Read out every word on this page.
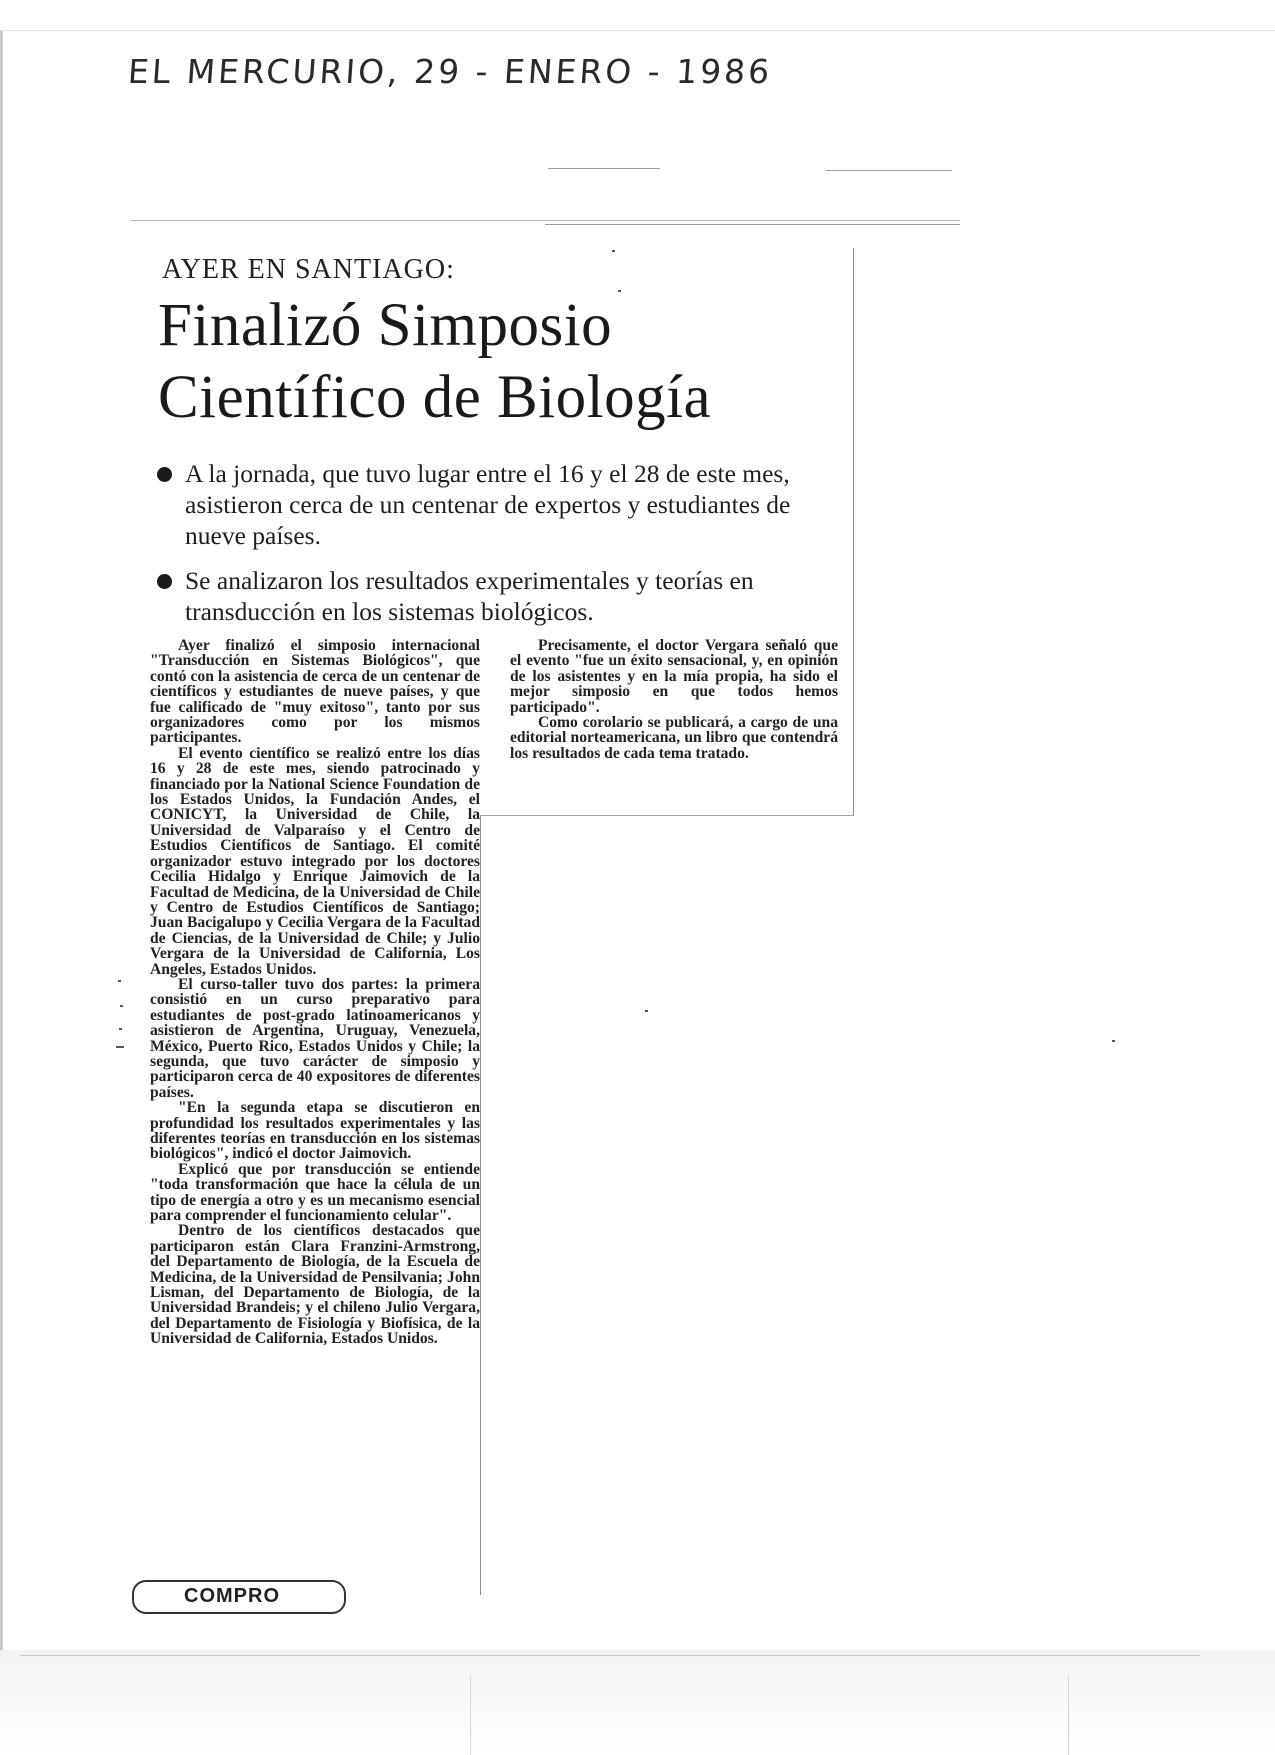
EL MERCURIO, 29 - ENERO - 1986
AYER EN SANTIAGO:
Finalizó Simposio
Científico de Biología
A la jornada, que tuvo lugar entre el 16 y el 28 de este mes, asistieron cerca de un centenar de expertos y estudiantes de nueve países.
Se analizaron los resultados experimentales y teorías en transducción en los sistemas biológicos.

Ayer finalizó el simposio internacional "Transducción en Sistemas Biológicos", que contó con la asistencia de cerca de un centenar de científicos y estudiantes de nueve países, y que fue calificado de "muy exitoso", tanto por sus organizadores como por los mismos participantes.

El evento científico se realizó entre los días 16 y 28 de este mes, siendo patrocinado y financiado por la National Science Foundation de los Estados Unidos, la Fundación Andes, el CONICYT, la Universidad de Chile, la Universidad de Valparaíso y el Centro de Estudios Científicos de Santiago. El comité organizador estuvo integrado por los doctores Cecilia Hidalgo y Enrique Jaimovich de la Facultad de Medicina, de la Universidad de Chile y Centro de Estudios Científicos de Santiago; Juan Bacigalupo y Cecilia Vergara de la Facultad de Ciencias, de la Universidad de Chile; y Julio Vergara de la Universidad de California, Los Angeles, Estados Unidos.

El curso-taller tuvo dos partes: la primera consistió en un curso preparativo para estudiantes de post-grado latinoamericanos y asistieron de Argentina, Uruguay, Venezuela, México, Puerto Rico, Estados Unidos y Chile; la segunda, que tuvo carácter de simposio y participaron cerca de 40 expositores de diferentes países.

"En la segunda etapa se discutieron en profundidad los resultados experimentales y las diferentes teorías en transducción en los sistemas biológicos", indicó el doctor Jaimovich.

Explicó que por transducción se entiende "toda transformación que hace la célula de un tipo de energía a otro y es un mecanismo esencial para comprender el funcionamiento celular".

Dentro de los científicos destacados que participaron están Clara Franzini-Armstrong, del Departamento de Biología, de la Escuela de Medicina, de la Universidad de Pensilvania; John Lisman, del Departamento de Biología, de la Universidad Brandeis; y el chileno Julio Vergara, del Departamento de Fisiología y Biofísica, de la Universidad de California, Estados Unidos.

Precisamente, el doctor Vergara señaló que el evento "fue un éxito sensacional, y, en opinión de los asistentes y en la mía propia, ha sido el mejor simposio en que todos hemos participado".

Como corolario se publicará, a cargo de una editorial norteamericana, un libro que contendrá los resultados de cada tema tratado.

COMPRO
